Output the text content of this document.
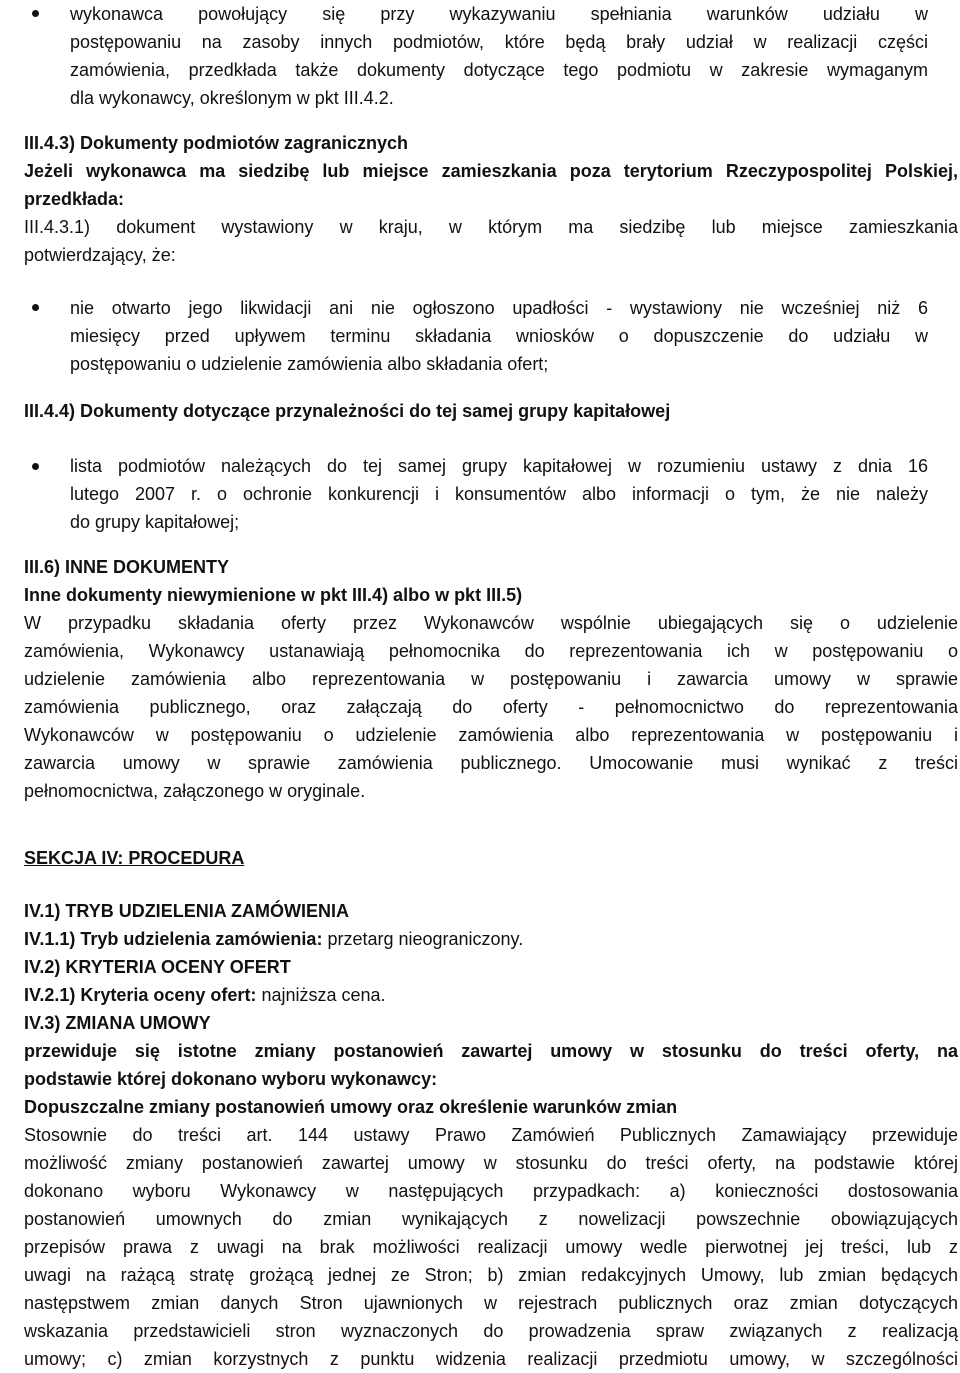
wykonawca powołujący się przy wykazywaniu spełniania warunków udziału w

postępowaniu na zasoby innych podmiotów, które będą brały udział w realizacji części

zamówienia, przedkłada także dokumenty dotyczące tego podmiotu w zakresie wymaganym

dla wykonawcy, określonym w pkt III.4.2.

III.4.3) Dokumenty podmiotów zagranicznych

Jeżeli wykonawca ma siedzibę lub miejsce zamieszkania poza terytorium Rzeczypospolitej Polskiej,

przedkłada:

III.4.3.1) dokument wystawiony w kraju, w którym ma siedzibę lub miejsce zamieszkania

potwierdzający, że:

nie otwarto jego likwidacji ani nie ogłoszono upadłości - wystawiony nie wcześniej niż 6

miesięcy przed upływem terminu składania wniosków o dopuszczenie do udziału w

postępowaniu o udzielenie zamówienia albo składania ofert;

III.4.4) Dokumenty dotyczące przynależności do tej samej grupy kapitałowej

lista podmiotów należących do tej samej grupy kapitałowej w rozumieniu ustawy z dnia 16

lutego 2007 r. o ochronie konkurencji i konsumentów albo informacji o tym, że nie należy

do grupy kapitałowej;

III.6) INNE DOKUMENTY

Inne dokumenty niewymienione w pkt III.4) albo w pkt III.5)

W przypadku składania oferty przez Wykonawców wspólnie ubiegających się o udzielenie

zamówienia, Wykonawcy ustanawiają pełnomocnika do reprezentowania ich w postępowaniu o

udzielenie zamówienia albo reprezentowania w postępowaniu i zawarcia umowy w sprawie

zamówienia publicznego, oraz załączają do oferty - pełnomocnictwo do reprezentowania

Wykonawców w postępowaniu o udzielenie zamówienia albo reprezentowania w postępowaniu i

zawarcia umowy w sprawie zamówienia publicznego. Umocowanie musi wynikać z treści

pełnomocnictwa, załączonego w oryginale.

SEKCJA IV: PROCEDURA

IV.1) TRYB UDZIELENIA ZAMÓWIENIA

IV.1.1) Tryb udzielenia zamówienia: przetarg nieograniczony.

IV.2) KRYTERIA OCENY OFERT

IV.2.1) Kryteria oceny ofert: najniższa cena.

IV.3) ZMIANA UMOWY

przewiduje się istotne zmiany postanowień zawartej umowy w stosunku do treści oferty, na

podstawie której dokonano wyboru wykonawcy:

Dopuszczalne zmiany postanowień umowy oraz określenie warunków zmian

Stosownie do treści art. 144 ustawy Prawo Zamówień Publicznych Zamawiający przewiduje

możliwość zmiany postanowień zawartej umowy w stosunku do treści oferty, na podstawie której

dokonano wyboru Wykonawcy w następujących przypadkach: a) konieczności dostosowania

postanowień umownych do zmian wynikających z nowelizacji powszechnie obowiązujących

przepisów prawa z uwagi na brak możliwości realizacji umowy wedle pierwotnej jej treści, lub z

uwagi na rażącą stratę grożącą jednej ze Stron; b) zmian redakcyjnych Umowy, lub zmian będących

następstwem zmian danych Stron ujawnionych w rejestrach publicznych oraz zmian dotyczących

wskazania przedstawicieli stron wyznaczonych do prowadzenia spraw związanych z realizacją

umowy; c) zmian korzystnych z punktu widzenia realizacji przedmiotu umowy, w szczególności
